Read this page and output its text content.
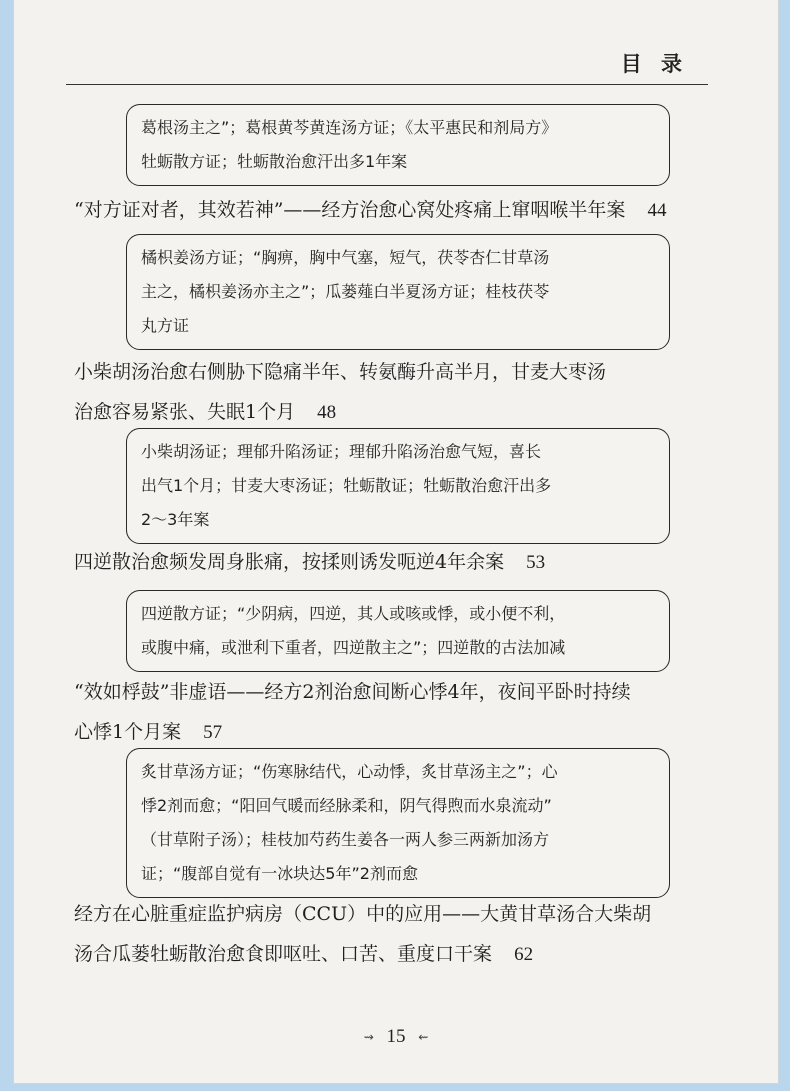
目 录

葛根汤主之”；葛根黄芩黄连汤方证；《太平惠民和剂局方》

牡蛎散方证；牡蛎散治愈汗出多1年案

“对方证对者，其效若神”——经方治愈心窝处疼痛上窜咽喉半年案 44

橘枳姜汤方证；“胸痹，胸中气塞，短气，茯苓杏仁甘草汤

主之，橘枳姜汤亦主之”；瓜蒌薤白半夏汤方证；桂枝茯苓

丸方证

小柴胡汤治愈右侧胁下隐痛半年、转氨酶升高半月，甘麦大枣汤
治愈容易紧张、失眠1个月 48

小柴胡汤证；理郁升陷汤证；理郁升陷汤治愈气短，喜长

出气1个月；甘麦大枣汤证；牡蛎散证；牡蛎散治愈汗出多

2～3年案

四逆散治愈频发周身胀痛，按揉则诱发呃逆4年余案 53

四逆散方证；“少阴病，四逆，其人或咳或悸，或小便不利，

或腹中痛，或泄利下重者，四逆散主之”；四逆散的古法加减

“效如桴鼓”非虚语——经方2剂治愈间断心悸4年，夜间平卧时持续
心悸1个月案 57

炙甘草汤方证；“伤寒脉结代，心动悸，炙甘草汤主之”；心

悸2剂而愈；“阳回气暖而经脉柔和，阴气得煦而水泉流动”

（甘草附子汤）；桂枝加芍药生姜各一两人参三两新加汤方

证；“腹部自觉有一冰块达5年”2剂而愈

经方在心脏重症监护病房（CCU）中的应用——大黄甘草汤合大柴胡
汤合瓜蒌牡蛎散治愈食即呕吐、口苦、重度口干案 62
⇝ 15 ⇜
